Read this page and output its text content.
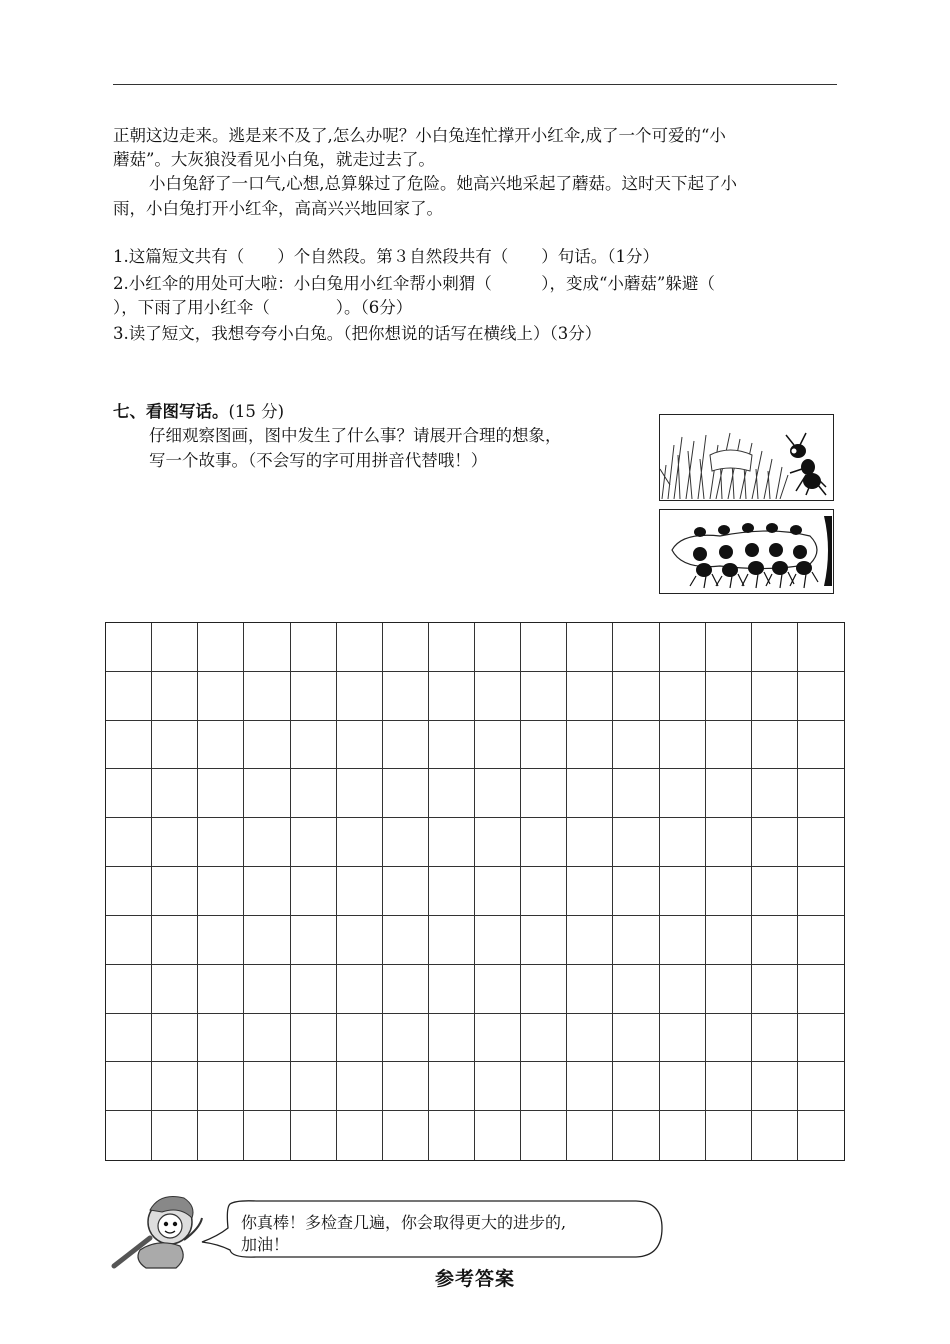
正朝这边走来。逃是来不及了,怎么办呢？小白兔连忙撑开小红伞,成了一个可爱的“小
蘑菇”。大灰狼没看见小白兔，就走过去了。
小白兔舒了一口气,心想,总算躲过了危险。她高兴地采起了蘑菇。这时天下起了小
雨，小白兔打开小红伞，高高兴兴地回家了。
1.这篇短文共有（　　）个自然段。第３自然段共有（　　）句话。（1分）
2.小红伞的用处可大啦：小白兔用小红伞帮小刺猬（　　　），变成“小蘑菇”躲避（
），下雨了用小红伞（　　　　）。（6分）
3.读了短文，我想夸夸小白兔。（把你想说的话写在横线上）（3分）
七、看图写话。(15 分)
仔细观察图画，图中发生了什么事？请展开合理的想象，
写一个故事。（不会写的字可用拼音代替哦！）
你真棒！多检查几遍，你会取得更大的进步的,
加油！
参考答案
